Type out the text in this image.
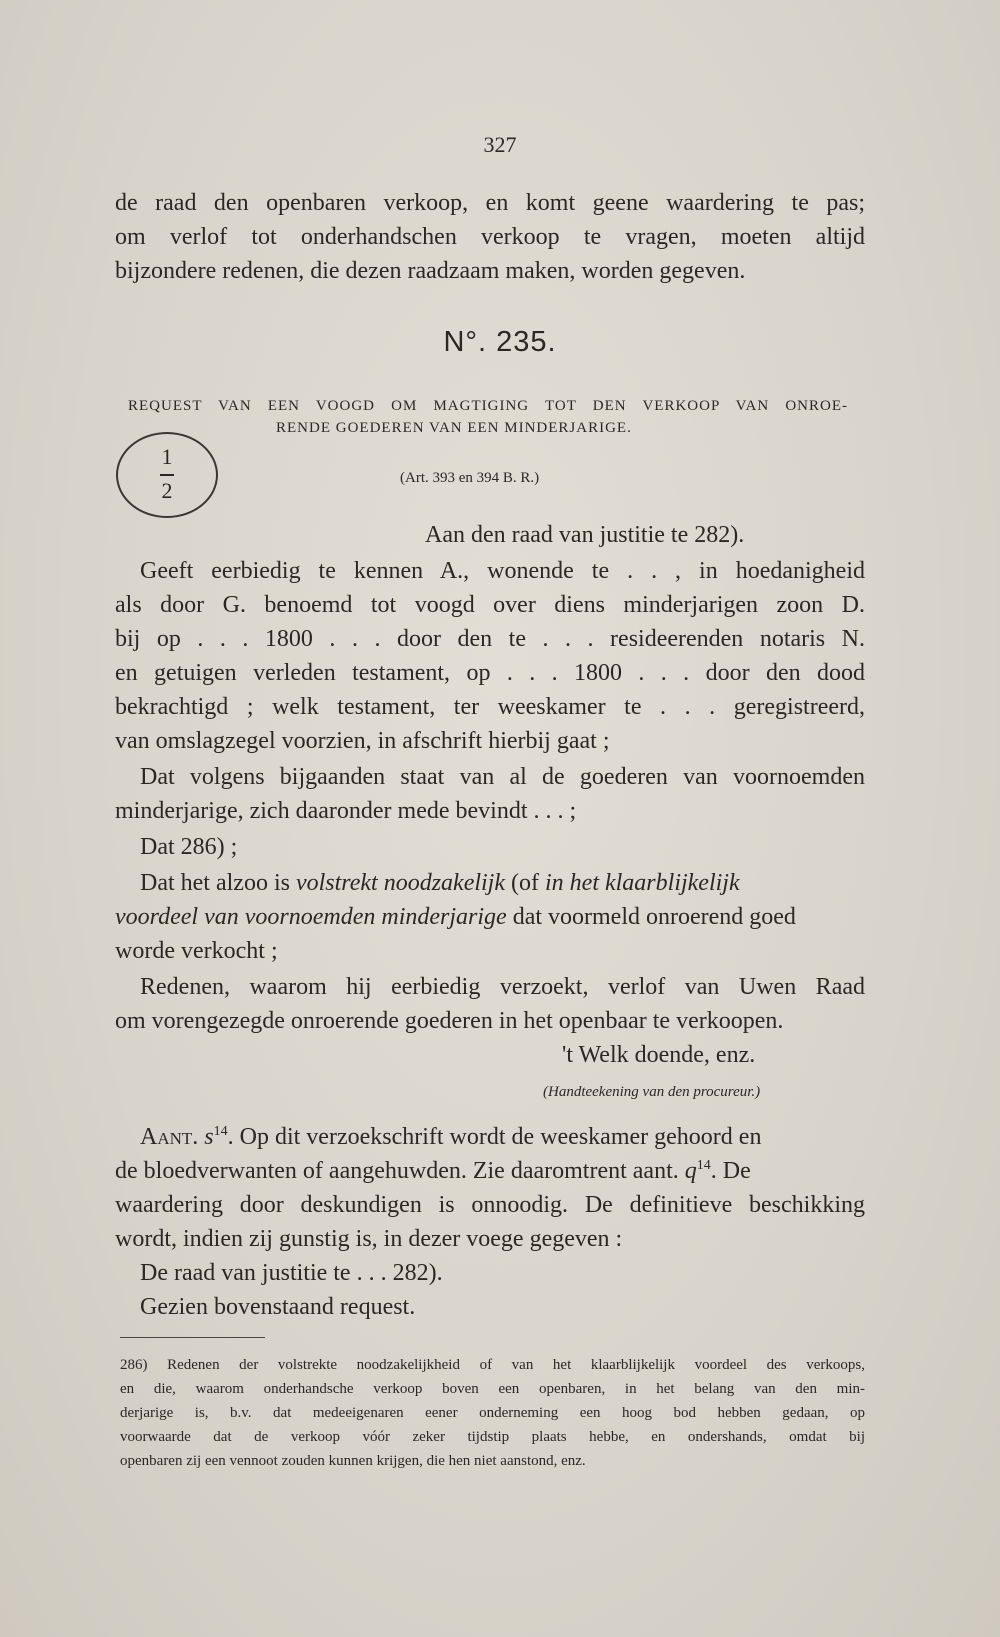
327
de raad den openbaren verkoop, en komt geene waardering te pas;
om verlof tot onderhandschen verkoop te vragen, moeten altijd
bijzondere redenen, die dezen raadzaam maken, worden gegeven.
N°. 235.
REQUEST VAN EEN VOOGD OM MAGTIGING TOT DEN VERKOOP VAN ONROE-
RENDE GOEDEREN VAN EEN MINDERJARIGE.
1
2	(Art. 393 en 394 B. R.)
Aan den raad van justitie te 282).
Geeft eerbiedig te kennen A., wonende te . . , in hoedanigheid
als door G. benoemd tot voogd over diens minderjarigen zoon D.
bij op . . . 1800 . . . door den te . . . resideerenden notaris N.
en getuigen verleden testament, op . . . 1800 . . . door den dood
bekrachtigd ; welk testament, ter weeskamer te . . . geregistreerd,
van omslagzegel voorzien, in afschrift hierbij gaat ;
Dat volgens bijgaanden staat van al de goederen van voornoemden
minderjarige, zich daaronder mede bevindt . . . ;
Dat 286) ;
Dat het alzoo is volstrekt noodzakelijk (of in het klaarblijkelijk
voordeel van voornoemden minderjarige dat voormeld onroerend goed
worde verkocht ;
Redenen, waarom hij eerbiedig verzoekt, verlof van Uwen Raad
om vorengezegde onroerende goederen in het openbaar te verkoopen.
't Welk doende, enz.
(Handteekening van den procureur.)
Aant. $s^{14}$. Op dit verzoekschrift wordt de weeskamer gehoord en
de bloedverwanten of aangehuwden. Zie daaromtrent aant. $q^{14}$. De
waardering door deskundigen is onnoodig. De definitieve beschikking
wordt, indien zij gunstig is, in dezer voege gegeven :
De raad van justitie te . . . 282).
Gezien bovenstaand request.
286) Redenen der volstrekte noodzakelijkheid of van het klaarblijkelijk voordeel des verkoops,
en die, waarom onderhandsche verkoop boven een openbaren, in het belang van den min-
derjarige is, b.v. dat medeeigenaren eener onderneming een hoog bod hebben gedaan, op
voorwaarde dat de verkoop vóór zeker tijdstip plaats hebbe, en ondershands, omdat bij
openbaren zij een vennoot zouden kunnen krijgen, die hen niet aanstond, enz.
